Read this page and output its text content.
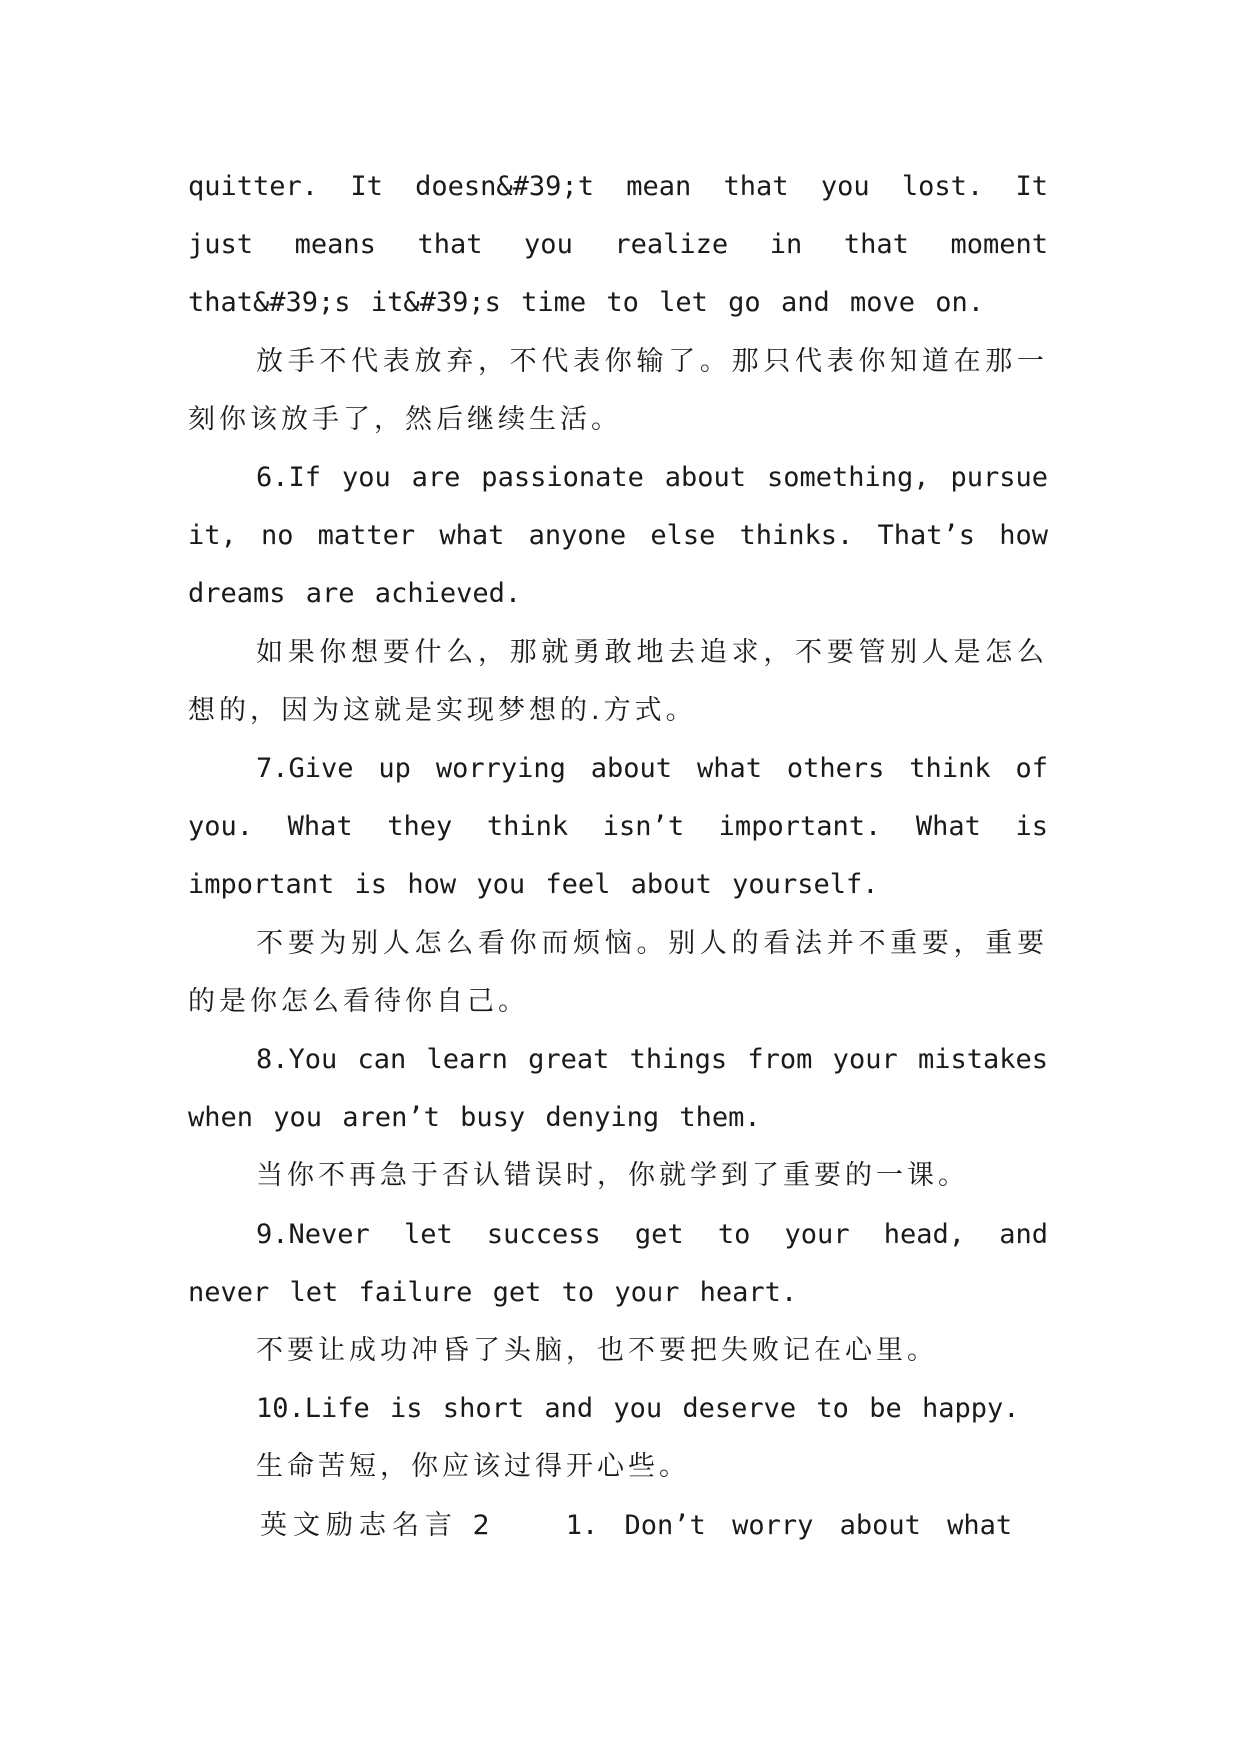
quitter. It doesn&#39;t mean that you lost. It just means that you realize in that moment that&#39;s it&#39;s time to let go and move on.

放手不代表放弃，不代表你输了。那只代表你知道在那一刻你该放手了，然后继续生活。

6.If you are passionate about something, pursue it, no matter what anyone else thinks. That’s how dreams are achieved.

如果你想要什么，那就勇敢地去追求，不要管别人是怎么想的，因为这就是实现梦想的.方式。

7.Give up worrying about what others think of you. What they think isn’t important. What is important is how you feel about yourself.

不要为别人怎么看你而烦恼。别人的看法并不重要，重要的是你怎么看待你自己。

8.You can learn great things from your mistakes when you aren’t busy denying them.

当你不再急于否认错误时，你就学到了重要的一课。

9.Never let success get to your head, and never let failure get to your heart.

不要让成功冲昏了头脑，也不要把失败记在心里。

10.Life is short and you deserve to be happy.

生命苦短，你应该过得开心些。

英文励志名言 2	1. Don’t worry about what
